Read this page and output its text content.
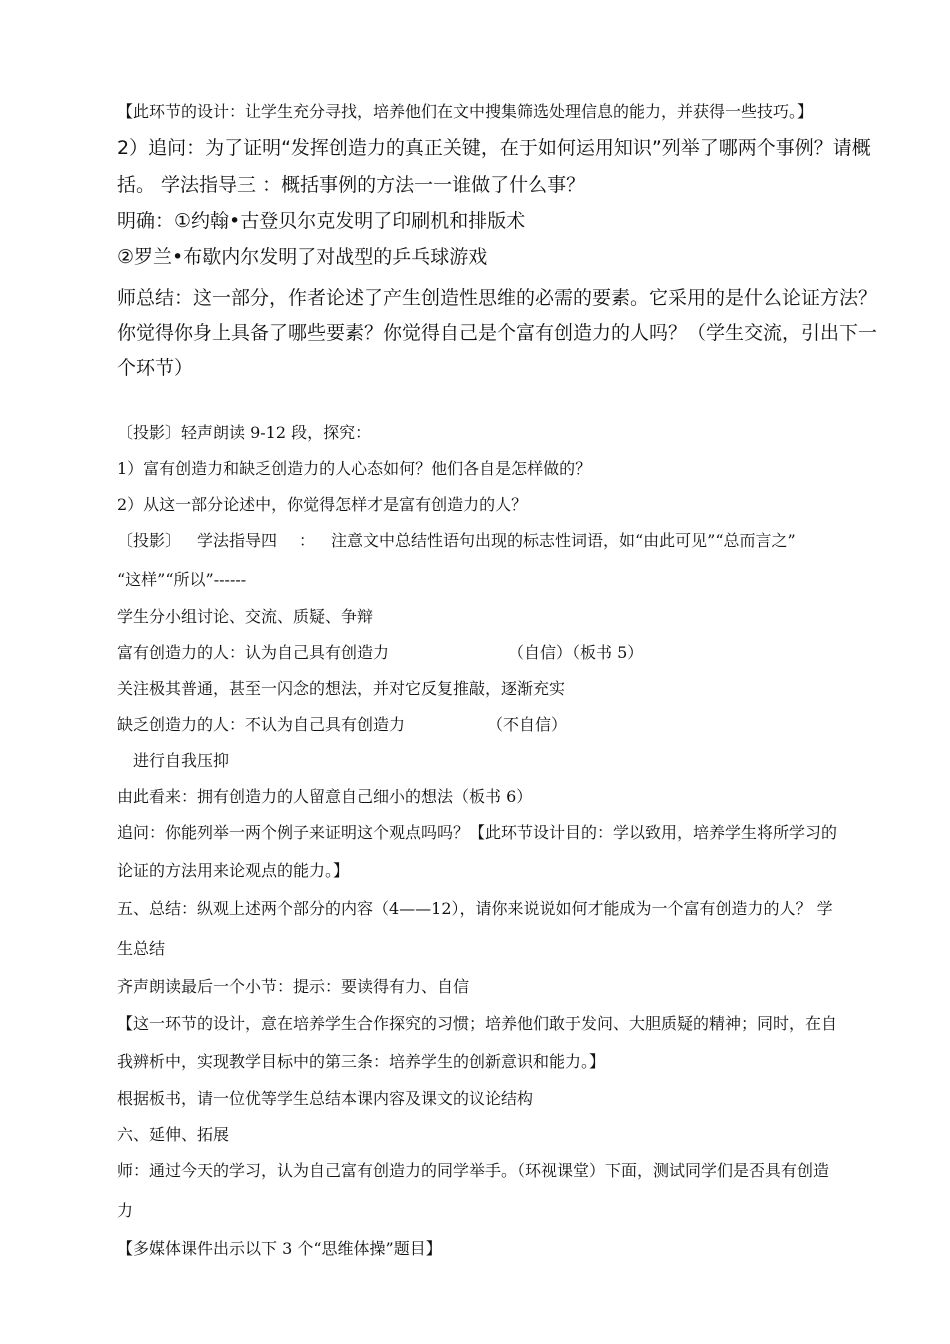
【此环节的设计：让学生充分寻找，培养他们在文中搜集筛选处理信息的能力，并获得一些技巧。】
2）追问：为了证明“发挥创造力的真正关键，在于如何运用知识”列举了哪两个事例？请概
括。 学法指导三 ：概括事例的方法一一谁做了什么事？
明确：①约翰•古登贝尔克发明了印刷机和排版术
②罗兰•布歇内尔发明了对战型的乒乓球游戏
师总结：这一部分，作者论述了产生创造性思维的必需的要素。它采用的是什么论证方法？
你觉得你身上具备了哪些要素？你觉得自己是个富有创造力的人吗？（学生交流，引出下一
个环节）
〔投影〕轻声朗读 9-12 段，探究：
1）富有创造力和缺乏创造力的人心态如何？他们各自是怎样做的？
2）从这一部分论述中，你觉得怎样才是富有创造力的人？
〔投影〕 学法指导四 ： 注意文中总结性语句出现的标志性词语，如“由此可见”“总而言之”
“这样”“所以”------
学生分小组讨论、交流、质疑、争辩
富有创造力的人：认为自己具有创造力	（自信）（板书 5）
关注极其普通，甚至一闪念的想法，并对它反复推敲，逐渐充实
缺乏创造力的人：不认为自己具有创造力	（不自信）
进行自我压抑
由此看来：拥有创造力的人留意自己细小的想法（板书 6）
追问：你能列举一两个例子来证明这个观点吗吗？【此环节设计目的：学以致用，培养学生将所学习的
论证的方法用来论观点的能力。】
五、总结：纵观上述两个部分的内容（4——12），请你来说说如何才能成为一个富有创造力的人？ 学
生总结
齐声朗读最后一个小节：提示：要读得有力、自信
【这一环节的设计，意在培养学生合作探究的习惯；培养他们敢于发问、大胆质疑的精神；同时，在自
我辨析中，实现教学目标中的第三条：培养学生的创新意识和能力。】
根据板书，请一位优等学生总结本课内容及课文的议论结构
六、延伸、拓展
师：通过今天的学习，认为自己富有创造力的同学举手。（环视课堂）下面，测试同学们是否具有创造
力
【多媒体课件出示以下 3 个“思维体操”题目】
